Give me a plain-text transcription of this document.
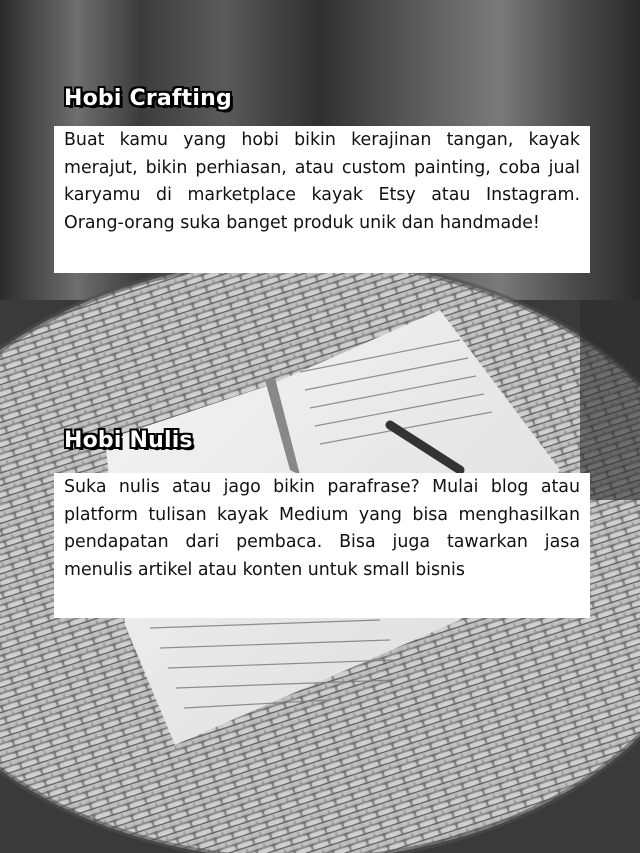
Hobi Crafting
Buat kamu yang hobi bikin kerajinan tangan, kayak merajut, bikin perhiasan, atau custom painting, coba jual karyamu di marketplace kayak Etsy atau Instagram. Orang-orang suka banget produk unik dan handmade!
Hobi Nulis
Suka nulis atau jago bikin parafrase? Mulai blog atau platform tulisan kayak Medium yang bisa menghasilkan pendapatan dari pembaca. Bisa juga tawarkan jasa menulis artikel atau konten untuk small bisnis
